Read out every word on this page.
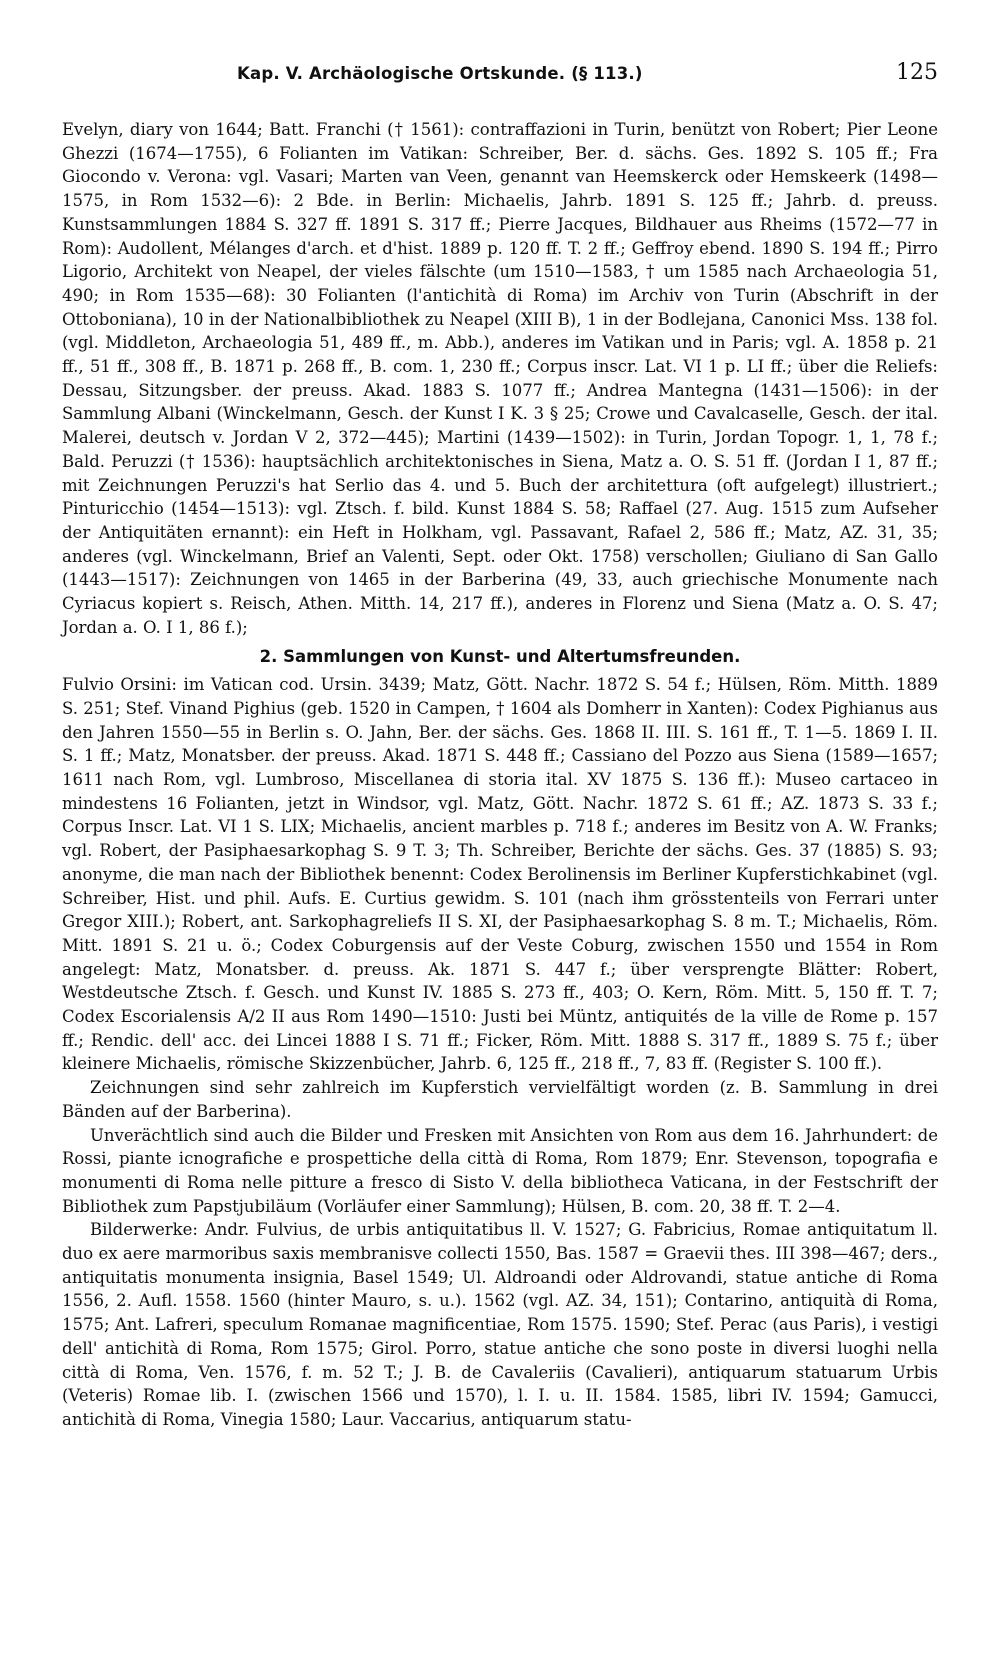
Kap. V. Archäologische Ortskunde. (§ 113.)	125

Evelyn, diary von 1644; Batt. Franchi († 1561): contraffazioni in Turin, benützt von Robert; Pier Leone Ghezzi (1674—1755), 6 Folianten im Vatikan: Schreiber, Ber. d. sächs. Ges. 1892 S. 105 ff.; Fra Giocondo v. Verona: vgl. Vasari; Marten van Veen, genannt van Heemskerck oder Hemskeerk (1498—1575, in Rom 1532—6): 2 Bde. in Berlin: Michaelis, Jahrb. 1891 S. 125 ff.; Jahrb. d. preuss. Kunstsammlungen 1884 S. 327 ff. 1891 S. 317 ff.; Pierre Jacques, Bildhauer aus Rheims (1572—77 in Rom): Audollent, Mélanges d'arch. et d'hist. 1889 p. 120 ff. T. 2 ff.; Geffroy ebend. 1890 S. 194 ff.; Pirro Ligorio, Architekt von Neapel, der vieles fälschte (um 1510—1583, † um 1585 nach Archaeologia 51, 490; in Rom 1535—68): 30 Folianten (l'antichità di Roma) im Archiv von Turin (Abschrift in der Ottoboniana), 10 in der Nationalbibliothek zu Neapel (XIII B), 1 in der Bodlejana, Canonici Mss. 138 fol. (vgl. Middleton, Archaeologia 51, 489 ff., m. Abb.), anderes im Vatikan und in Paris; vgl. A. 1858 p. 21 ff., 51 ff., 308 ff., B. 1871 p. 268 ff., B. com. 1, 230 ff.; Corpus inscr. Lat. VI 1 p. LI ff.; über die Reliefs: Dessau, Sitzungsber. der preuss. Akad. 1883 S. 1077 ff.; Andrea Mantegna (1431—1506): in der Sammlung Albani (Winckelmann, Gesch. der Kunst I K. 3 § 25; Crowe und Cavalcaselle, Gesch. der ital. Malerei, deutsch v. Jordan V 2, 372—445); Martini (1439—1502): in Turin, Jordan Topogr. 1, 1, 78 f.; Bald. Peruzzi († 1536): hauptsächlich architektonisches in Siena, Matz a. O. S. 51 ff. (Jordan I 1, 87 ff.; mit Zeichnungen Peruzzi's hat Serlio das 4. und 5. Buch der architettura (oft aufgelegt) illustriert.; Pinturicchio (1454—1513): vgl. Ztsch. f. bild. Kunst 1884 S. 58; Raffael (27. Aug. 1515 zum Aufseher der Antiquitäten ernannt): ein Heft in Holkham, vgl. Passavant, Rafael 2, 586 ff.; Matz, AZ. 31, 35; anderes (vgl. Winckelmann, Brief an Valenti, Sept. oder Okt. 1758) verschollen; Giuliano di San Gallo (1443—1517): Zeichnungen von 1465 in der Barberina (49, 33, auch griechische Monumente nach Cyriacus kopiert s. Reisch, Athen. Mitth. 14, 217 ff.), anderes in Florenz und Siena (Matz a. O. S. 47; Jordan a. O. I 1, 86 f.);

2. Sammlungen von Kunst- und Altertumsfreunden.

Fulvio Orsini: im Vatican cod. Ursin. 3439; Matz, Gött. Nachr. 1872 S. 54 f.; Hülsen, Röm. Mitth. 1889 S. 251; Stef. Vinand Pighius (geb. 1520 in Campen, † 1604 als Domherr in Xanten): Codex Pighianus aus den Jahren 1550—55 in Berlin s. O. Jahn, Ber. der sächs. Ges. 1868 II. III. S. 161 ff., T. 1—5. 1869 I. II. S. 1 ff.; Matz, Monatsber. der preuss. Akad. 1871 S. 448 ff.; Cassiano del Pozzo aus Siena (1589—1657; 1611 nach Rom, vgl. Lumbroso, Miscellanea di storia ital. XV 1875 S. 136 ff.): Museo cartaceo in mindestens 16 Folianten, jetzt in Windsor, vgl. Matz, Gött. Nachr. 1872 S. 61 ff.; AZ. 1873 S. 33 f.; Corpus Inscr. Lat. VI 1 S. LIX; Michaelis, ancient marbles p. 718 f.; anderes im Besitz von A. W. Franks; vgl. Robert, der Pasiphaesarkophag S. 9 T. 3; Th. Schreiber, Berichte der sächs. Ges. 37 (1885) S. 93; anonyme, die man nach der Bibliothek benennt: Codex Berolinensis im Berliner Kupferstichkabinet (vgl. Schreiber, Hist. und phil. Aufs. E. Curtius gewidm. S. 101 (nach ihm grösstenteils von Ferrari unter Gregor XIII.); Robert, ant. Sarkophagreliefs II S. XI, der Pasiphaesarkophag S. 8 m. T.; Michaelis, Röm. Mitt. 1891 S. 21 u. ö.; Codex Coburgensis auf der Veste Coburg, zwischen 1550 und 1554 in Rom angelegt: Matz, Monatsber. d. preuss. Ak. 1871 S. 447 f.; über versprengte Blätter: Robert, Westdeutsche Ztsch. f. Gesch. und Kunst IV. 1885 S. 273 ff., 403; O. Kern, Röm. Mitt. 5, 150 ff. T. 7; Codex Escorialensis A/2 II aus Rom 1490—1510: Justi bei Müntz, antiquités de la ville de Rome p. 157 ff.; Rendic. dell' acc. dei Lincei 1888 I S. 71 ff.; Ficker, Röm. Mitt. 1888 S. 317 ff., 1889 S. 75 f.; über kleinere Michaelis, römische Skizzenbücher, Jahrb. 6, 125 ff., 218 ff., 7, 83 ff. (Register S. 100 ff.).

Zeichnungen sind sehr zahlreich im Kupferstich vervielfältigt worden (z. B. Sammlung in drei Bänden auf der Barberina).

Unverächtlich sind auch die Bilder und Fresken mit Ansichten von Rom aus dem 16. Jahrhundert: de Rossi, piante icnografiche e prospettiche della città di Roma, Rom 1879; Enr. Stevenson, topografia e monumenti di Roma nelle pitture a fresco di Sisto V. della bibliotheca Vaticana, in der Festschrift der Bibliothek zum Papstjubiläum (Vorläufer einer Sammlung); Hülsen, B. com. 20, 38 ff. T. 2—4.

Bilderwerke: Andr. Fulvius, de urbis antiquitatibus ll. V. 1527; G. Fabricius, Romae antiquitatum ll. duo ex aere marmoribus saxis membranisve collecti 1550, Bas. 1587 = Graevii thes. III 398—467; ders., antiquitatis monumenta insignia, Basel 1549; Ul. Aldroandi oder Aldrovandi, statue antiche di Roma 1556, 2. Aufl. 1558. 1560 (hinter Mauro, s. u.). 1562 (vgl. AZ. 34, 151); Contarino, antiquità di Roma, 1575; Ant. Lafreri, speculum Romanae magnificentiae, Rom 1575. 1590; Stef. Perac (aus Paris), i vestigi dell' antichità di Roma, Rom 1575; Girol. Porro, statue antiche che sono poste in diversi luoghi nella città di Roma, Ven. 1576, f. m. 52 T.; J. B. de Cavaleriis (Cavalieri), antiquarum statuarum Urbis (Veteris) Romae lib. I. (zwischen 1566 und 1570), l. I. u. II. 1584. 1585, libri IV. 1594; Gamucci, antichità di Roma, Vinegia 1580; Laur. Vaccarius, antiquarum statu-
